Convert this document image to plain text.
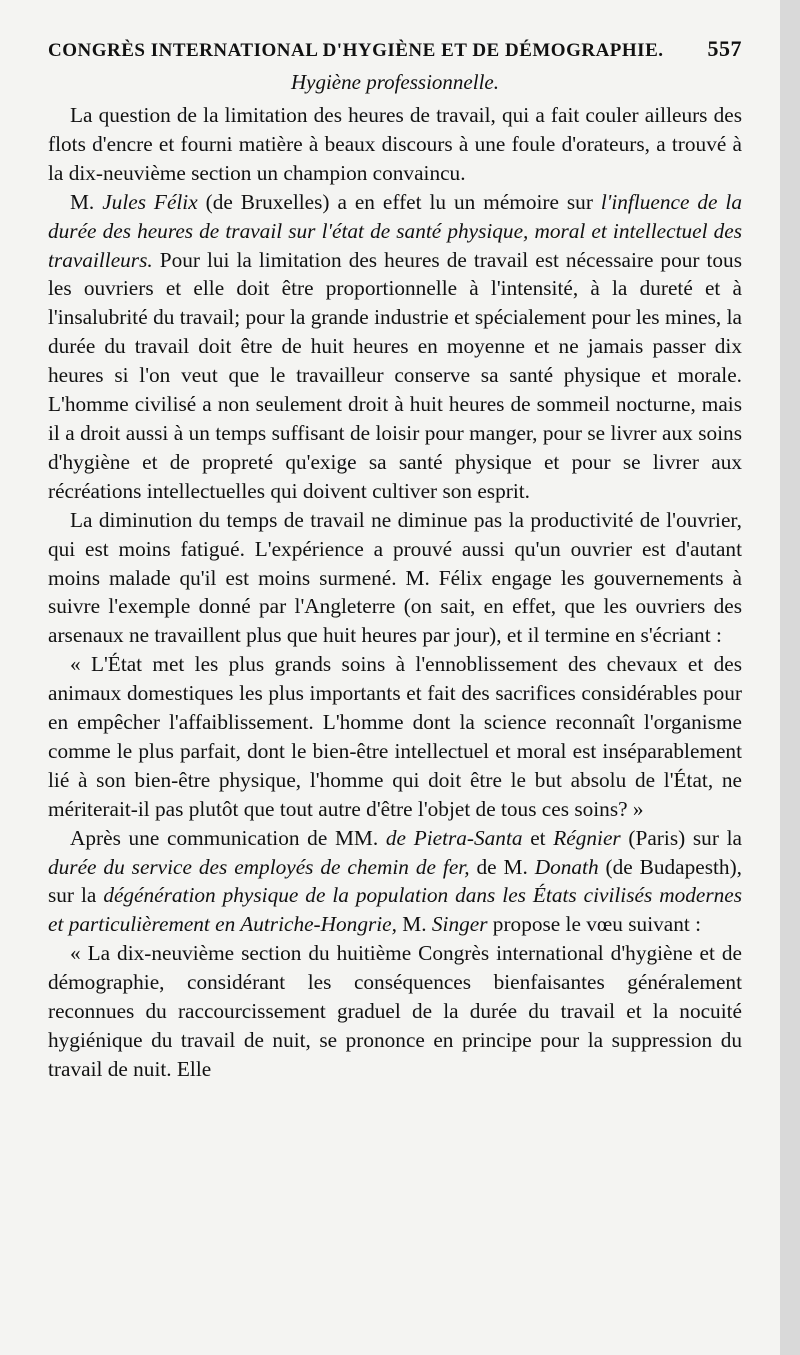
CONGRÈS INTERNATIONAL D'HYGIÈNE ET DE DÉMOGRAPHIE. 557
Hygiène professionnelle.

La question de la limitation des heures de travail, qui a fait couler ailleurs des flots d'encre et fourni matière à beaux discours à une foule d'orateurs, a trouvé à la dix-neuvième section un champion convaincu.

M. Jules Félix (de Bruxelles) a en effet lu un mémoire sur l'influence de la durée des heures de travail sur l'état de santé physique, moral et intellectuel des travailleurs. Pour lui la limitation des heures de travail est nécessaire pour tous les ouvriers et elle doit être proportionnelle à l'intensité, à la dureté et à l'insalubrité du travail; pour la grande industrie et spécialement pour les mines, la durée du travail doit être de huit heures en moyenne et ne jamais passer dix heures si l'on veut que le travailleur conserve sa santé physique et morale. L'homme civilisé a non seulement droit à huit heures de sommeil nocturne, mais il a droit aussi à un temps suffisant de loisir pour manger, pour se livrer aux soins d'hygiène et de propreté qu'exige sa santé physique et pour se livrer aux récréations intellectuelles qui doivent cultiver son esprit.

La diminution du temps de travail ne diminue pas la productivité de l'ouvrier, qui est moins fatigué. L'expérience a prouvé aussi qu'un ouvrier est d'autant moins malade qu'il est moins surmené. M. Félix engage les gouvernements à suivre l'exemple donné par l'Angleterre (on sait, en effet, que les ouvriers des arsenaux ne travaillent plus que huit heures par jour), et il termine en s'écriant :

« L'État met les plus grands soins à l'ennoblissement des chevaux et des animaux domestiques les plus importants et fait des sacrifices considérables pour en empêcher l'affaiblissement. L'homme dont la science reconnaît l'organisme comme le plus parfait, dont le bien-être intellectuel et moral est inséparablement lié à son bien-être physique, l'homme qui doit être le but absolu de l'État, ne mériterait-il pas plutôt que tout autre d'être l'objet de tous ces soins? »

Après une communication de MM. de Pietra-Santa et Régnier (Paris) sur la durée du service des employés de chemin de fer, de M. Donath (de Budapesth), sur la dégénération physique de la population dans les États civilisés modernes et particulièrement en Autriche-Hongrie, M. Singer propose le vœu suivant :

« La dix-neuvième section du huitième Congrès international d'hygiène et de démographie, considérant les conséquences bienfaisantes généralement reconnues du raccourcissement graduel de la durée du travail et la nocuité hygiénique du travail de nuit, se prononce en principe pour la suppression du travail de nuit. Elle
